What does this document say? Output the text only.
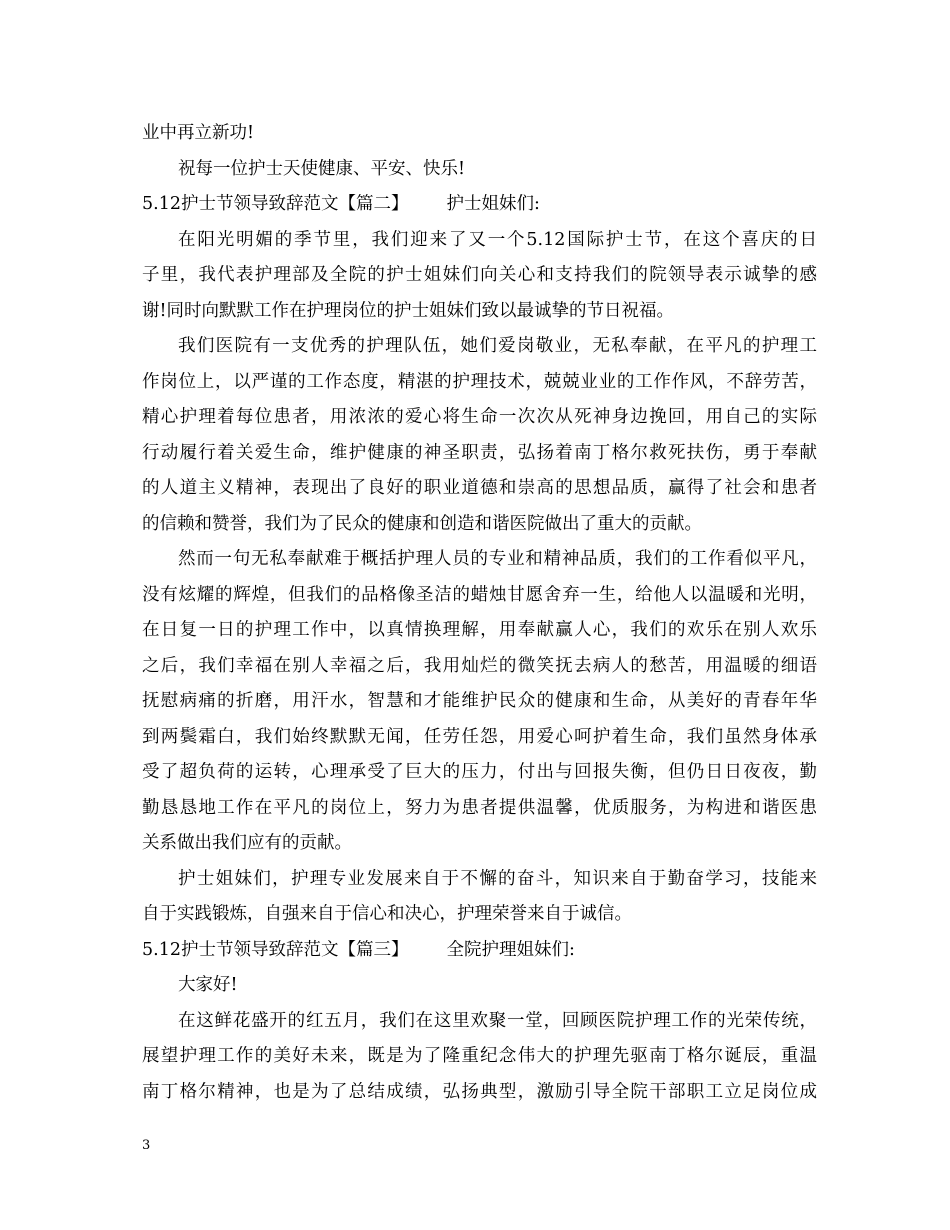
业中再立新功!
祝每一位护士天使健康、平安、快乐!
5.12护士节领导致辞范文【篇二】 护士姐妹们:
在阳光明媚的季节里，我们迎来了又一个5.12国际护士节，在这个喜庆的日
子里，我代表护理部及全院的护士姐妹们向关心和支持我们的院领导表示诚挚的感
谢!同时向默默工作在护理岗位的护士姐妹们致以最诚挚的节日祝福。
我们医院有一支优秀的护理队伍，她们爱岗敬业，无私奉献，在平凡的护理工
作岗位上，以严谨的工作态度，精湛的护理技术，兢兢业业的工作作风，不辞劳苦，
精心护理着每位患者，用浓浓的爱心将生命一次次从死神身边挽回，用自己的实际
行动履行着关爱生命，维护健康的神圣职责，弘扬着南丁格尔救死扶伤，勇于奉献
的人道主义精神，表现出了良好的职业道德和崇高的思想品质，赢得了社会和患者
的信赖和赞誉，我们为了民众的健康和创造和谐医院做出了重大的贡献。
然而一句无私奉献难于概括护理人员的专业和精神品质，我们的工作看似平凡，
没有炫耀的辉煌，但我们的品格像圣洁的蜡烛甘愿舍弃一生，给他人以温暖和光明，
在日复一日的护理工作中，以真情换理解，用奉献赢人心，我们的欢乐在别人欢乐
之后，我们幸福在别人幸福之后，我用灿烂的微笑抚去病人的愁苦，用温暖的细语
抚慰病痛的折磨，用汗水，智慧和才能维护民众的健康和生命，从美好的青春年华
到两鬓霜白，我们始终默默无闻，任劳任怨，用爱心呵护着生命，我们虽然身体承
受了超负荷的运转，心理承受了巨大的压力，付出与回报失衡，但仍日日夜夜，勤
勤恳恳地工作在平凡的岗位上，努力为患者提供温馨，优质服务，为构进和谐医患
关系做出我们应有的贡献。
护士姐妹们，护理专业发展来自于不懈的奋斗，知识来自于勤奋学习，技能来
自于实践锻炼，自强来自于信心和决心，护理荣誉来自于诚信。
5.12护士节领导致辞范文【篇三】 全院护理姐妹们:
大家好!
在这鲜花盛开的红五月，我们在这里欢聚一堂，回顾医院护理工作的光荣传统，
展望护理工作的美好未来，既是为了隆重纪念伟大的护理先驱南丁格尔诞辰，重温
南丁格尔精神，也是为了总结成绩，弘扬典型，激励引导全院干部职工立足岗位成
3
